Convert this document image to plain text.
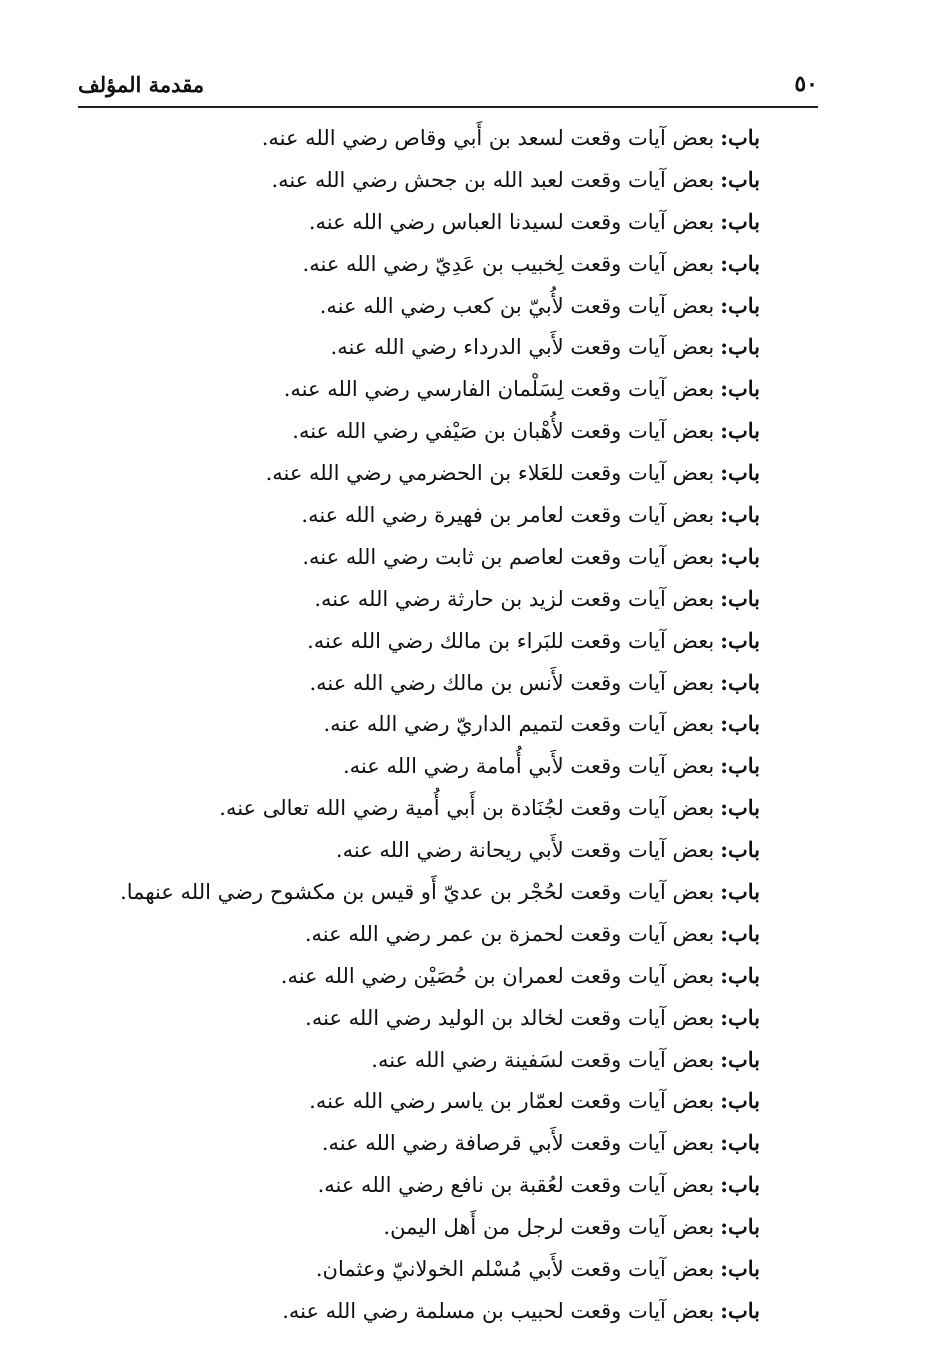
٥٠
مقدمة المؤلف
باب:بعض آيات وقعت لسعد بن أَبي وقاص رضي الله عنه.
باب:بعض آيات وقعت لعبد الله بن جحش رضي الله عنه.
باب:بعض آيات وقعت لسيدنا العباس رضي الله عنه.
باب:بعض آيات وقعت لِخبيب بن عَدِيّ رضي الله عنه.
باب:بعض آيات وقعت لأُبيّ بن كعب رضي الله عنه.
باب:بعض آيات وقعت لأَبي الدرداء رضي الله عنه.
باب:بعض آيات وقعت لِسَلْمان الفارسي رضي الله عنه.
باب:بعض آيات وقعت لأُهْبان بن صَيْفي رضي الله عنه.
باب:بعض آيات وقعت للعَلاء بن الحضرمي رضي الله عنه.
باب:بعض آيات وقعت لعامر بن فهيرة رضي الله عنه.
باب:بعض آيات وقعت لعاصم بن ثابت رضي الله عنه.
باب:بعض آيات وقعت لزيد بن حارثة رضي الله عنه.
باب:بعض آيات وقعت للبَراء بن مالك رضي الله عنه.
باب:بعض آيات وقعت لأَنس بن مالك رضي الله عنه.
باب:بعض آيات وقعت لتميم الداريّ رضي الله عنه.
باب:بعض آيات وقعت لأَبي أُمامة رضي الله عنه.
باب:بعض آيات وقعت لجُنَادة بن أَبي أُمية رضي الله تعالى عنه.
باب:بعض آيات وقعت لأَبي ريحانة رضي الله عنه.
باب:بعض آيات وقعت لحُجْر بن عديّ أَو قيس بن مكشوح رضي الله عنهما.
باب:بعض آيات وقعت لحمزة بن عمر رضي الله عنه.
باب:بعض آيات وقعت لعمران بن حُصَيْن رضي الله عنه.
باب:بعض آيات وقعت لخالد بن الوليد رضي الله عنه.
باب:بعض آيات وقعت لسَفينة رضي الله عنه.
باب:بعض آيات وقعت لعمّار بن ياسر رضي الله عنه.
باب:بعض آيات وقعت لأَبي قرصافة رضي الله عنه.
باب:بعض آيات وقعت لعُقبة بن نافع رضي الله عنه.
باب:بعض آيات وقعت لرجل من أَهل اليمن.
باب:بعض آيات وقعت لأَبي مُسْلم الخولانيّ وعثمان.
باب:بعض آيات وقعت لحبيب بن مسلمة رضي الله عنه.
